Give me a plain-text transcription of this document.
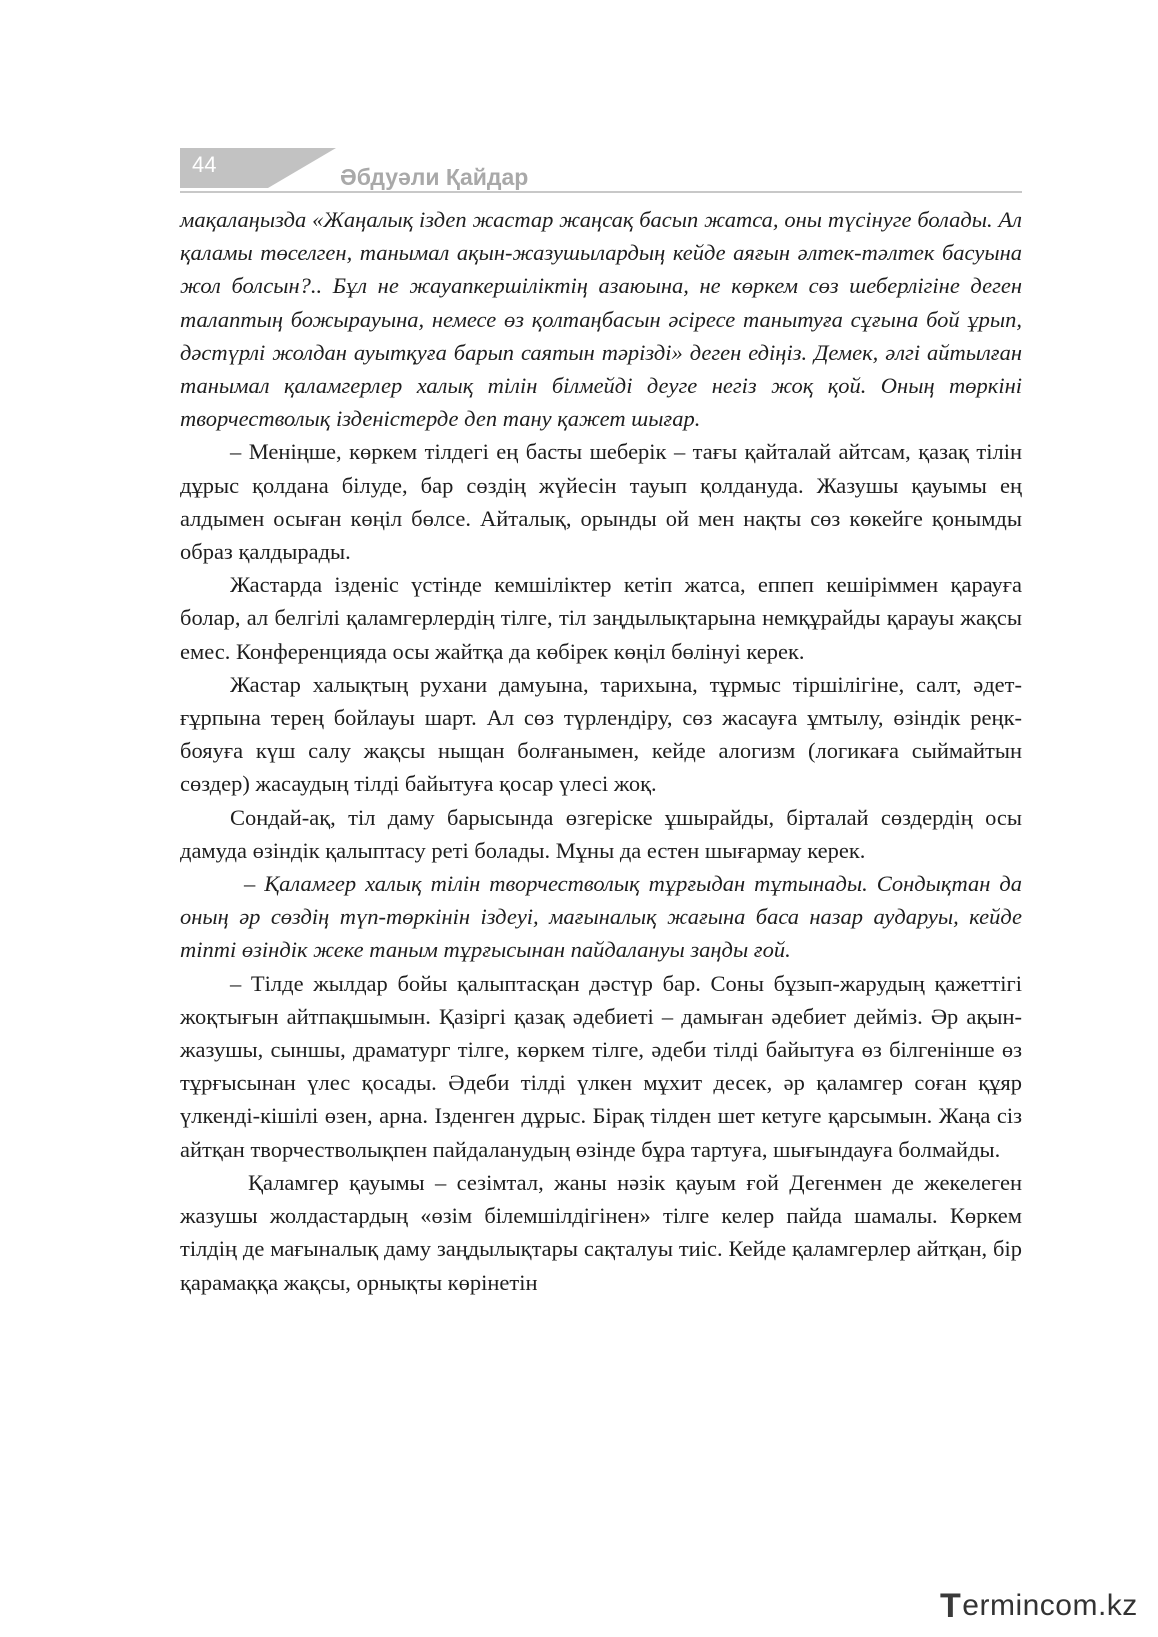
44	Әбдуәли Қайдар

мақалаңызда «Жаңалық іздеп жастар жаңсақ басып жатса, оны түсінуге болады. Ал қаламы төселген, танымал ақын-жазушылардың кейде аяғын әлтек-тәлтек басуына жол болсын?.. Бұл не жауапкершіліктің азаюына, не көркем сөз шеберлігіне деген талаптың божырауына, немесе өз қолтаңбасын әсіресе танытуға сұғына бой ұрып, дәстүрлі жолдан ауытқуға барып саятын тәрізді» деген едіңіз. Демек, әлгі айтылған танымал қаламгерлер халық тілін білмейді деуге негіз жоқ қой. Оның төркіні творчестволық ізденістерде деп тану қажет шығар.

– Меніңше, көркем тілдегі ең басты шеберік – тағы қайталай айтсам, қазақ тілін дұрыс қолдана білуде, бар сөздің жүйесін тауып қолдануда. Жазушы қауымы ең алдымен осыған көңіл бөлсе. Айталық, орынды ой мен нақты сөз көкейге қонымды образ қалдырады.

Жастарда ізденіс үстінде кемшіліктер кетіп жатса, еппеп кешіріммен қарауға болар, ал белгілі қаламгерлердің тілге, тіл заңдылықтарына немқұрайды қарауы жақсы емес. Конференцияда осы жайтқа да көбірек көңіл бөлінуі керек.

Жастар халықтың рухани дамуына, тарихына, тұрмыс тіршілігіне, салт, әдет-ғұрпына терең бойлауы шарт. Ал сөз түрлендіру, сөз жасауға ұмтылу, өзіндік реңк-бояуға күш салу жақсы ныщан болғанымен, кейде алогизм (логикаға сыймайтын сөздер) жасаудың тілді байытуға қосар үлесі жоқ.

Сондай-ақ, тіл даму барысында өзгеріске ұшырайды, бірталай сөздердің осы дамуда өзіндік қалыптасу реті болады. Мұны да естен шығармау керек.

– Қаламгер халық тілін творчестволық тұрғыдан тұтынады. Сондықтан да оның әр сөздің түп-төркінін іздеуі, мағыналық жағына баса назар аударуы, кейде тіпті өзіндік жеке таным тұрғысынан пайдалануы заңды ғой.

– Тілде жылдар бойы қалыптасқан дәстүр бар. Соны бұзып-жарудың қажеттігі жоқтығын айтпақшымын. Қазіргі қазақ әдебиеті – дамыған әдебиет дейміз. Әр ақын-жазушы, сыншы, драматург тілге, көркем тілге, әдеби тілді байытуға өз білгенінше өз тұрғысынан үлес қосады. Әдеби тілді үлкен мұхит десек, әр қаламгер соған құяр үлкенді-кішілі өзен, арна. Ізденген дұрыс. Бірақ тілден шет кетуге қарсымын. Жаңа сіз айтқан творчестволықпен пайдаланудың өзінде бұра тартуға, шығындауға болмайды.

Қаламгер қауымы – сезімтал, жаны нәзік қауым ғой Дегенмен де жекелеген жазушы жолдастардың «өзім білемшілдігінен» тілге келер пайда шамалы. Көркем тілдің де мағыналық даму заңдылықтары сақталуы тиіс. Кейде қаламгерлер айтқан, бір қарамаққа жақсы, орнықты көрінетін

T ermincom.kz
